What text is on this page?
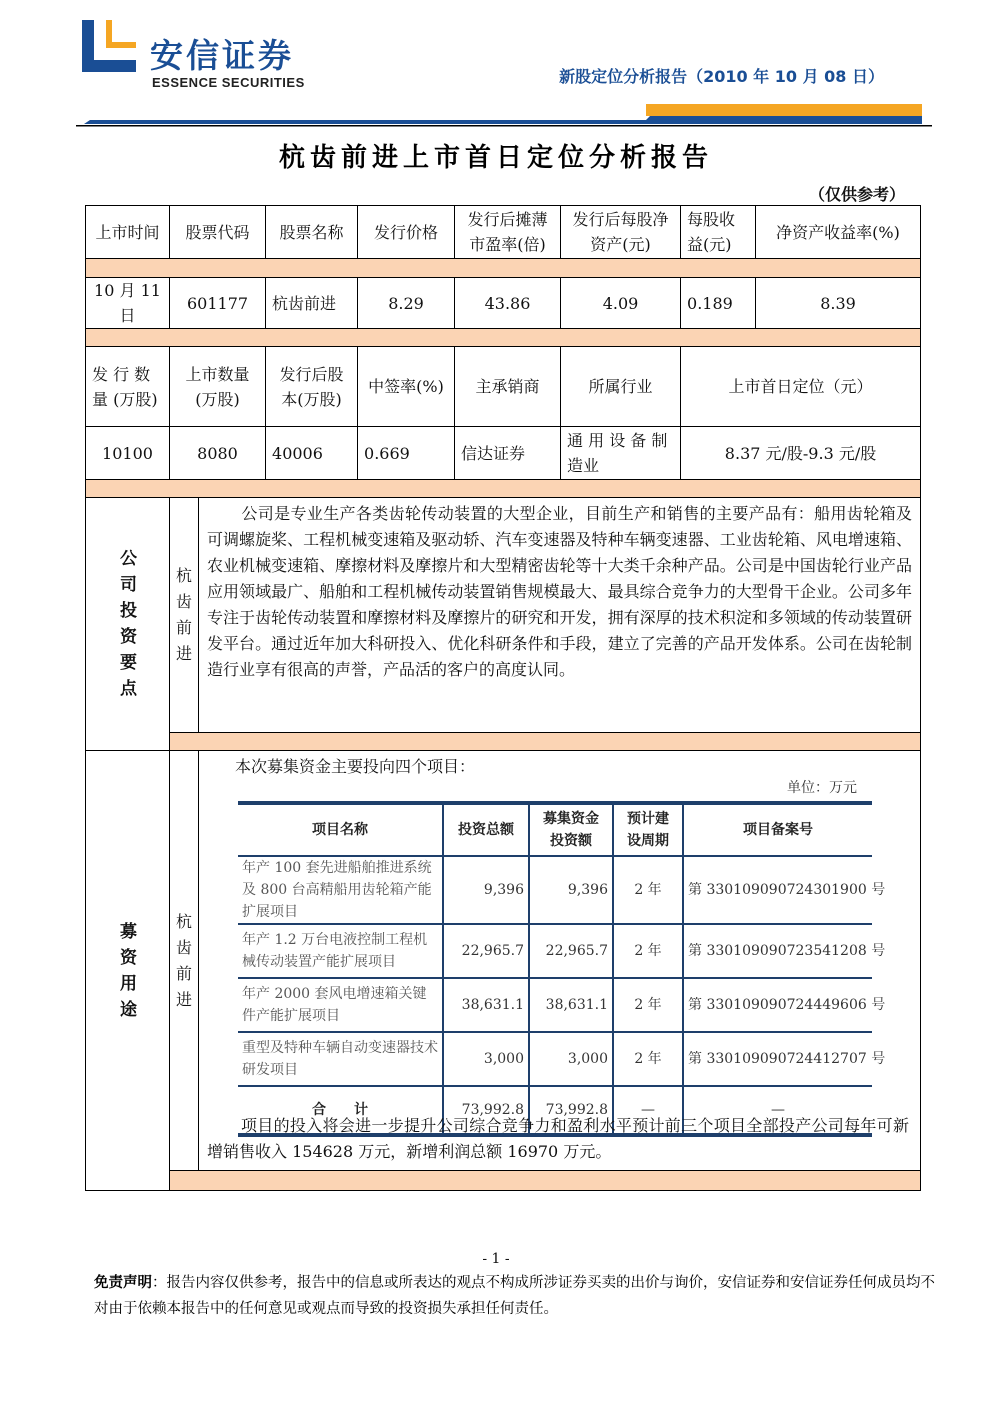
安信证券
ESSENCE SECURITIES	新股定位分析报告（2010 年 10 月 08 日）
杭齿前进上市首日定位分析报告
（仅供参考）
上市时间	股票代码	股票名称	发行价格	发行后摊薄市盈率(倍)	发行后每股净资产(元)	每股收益(元)	净资产收益率(%)

10 月 11 日	601177	杭齿前进	8.29	43.86	4.09	0.189	8.39

发 行 数 量 (万股)	上市数量(万股)	发行后股本(万股)	中签率(%)	主承销商	所属行业	上市首日定位（元）
10100	8080	40006	0.669	信达证券	通 用 设 备 制 造业	8.37 元/股-9.3 元/股

公
司
投
资
要
点	杭
齿
前
进	公司是专业生产各类齿轮传动装置的大型企业，目前生产和销售的主要产品有：船用齿轮箱及可调螺旋桨、工程机械变速箱及驱动轿、汽车变速器及特种车辆变速器、工业齿轮箱、风电增速箱、农业机械变速箱、摩擦材料及摩擦片和大型精密齿轮等十大类千余种产品。公司是中国齿轮行业产品应用领域最广、船舶和工程机械传动装置销售规模最大、最具综合竞争力的大型骨干企业。公司多年专注于齿轮传动装置和摩擦材料及摩擦片的研究和开发，拥有深厚的技术积淀和多领域的传动装置研发平台。通过近年加大科研投入、优化科研条件和手段，建立了完善的产品开发体系。公司在齿轮制造行业享有很高的声誉，产品活的客户的高度认同。

募
资
用
途	杭
齿
前
进	
本次募集资金主要投向四个项目：
单位：万元
项目名称	投资总额	募集资金投资额	预计建设周期	项目备案号
年产 100 套先进船舶推进系统及 800 台高精船用齿轮箱产能扩展项目	9,396	9,396	2 年	第 330109090724301900 号
年产 1.2 万台电液控制工程机械传动装置产能扩展项目	22,965.7	22,965.7	2 年	第 330109090723541208 号
年产 2000 套风电增速箱关键件产能扩展项目	38,631.1	38,631.1	2 年	第 330109090724449606 号
重型及特种车辆自动变速器技术研发项目	3,000	3,000	2 年	第 330109090724412707 号
合　　计	73,992.8	73,992.8	—	—
项目的投入将会进一步提升公司综合竞争力和盈利水平预计前三个项目全部投产公司每年可新增销售收入 154628 万元，新增利润总额 16970 万元。

- 1 -
免责声明：报告内容仅供参考，报告中的信息或所表达的观点不构成所涉证券买卖的出价与询价，安信证券和安信证券任何成员均不对由于依赖本报告中的任何意见或观点而导致的投资损失承担任何责任。
